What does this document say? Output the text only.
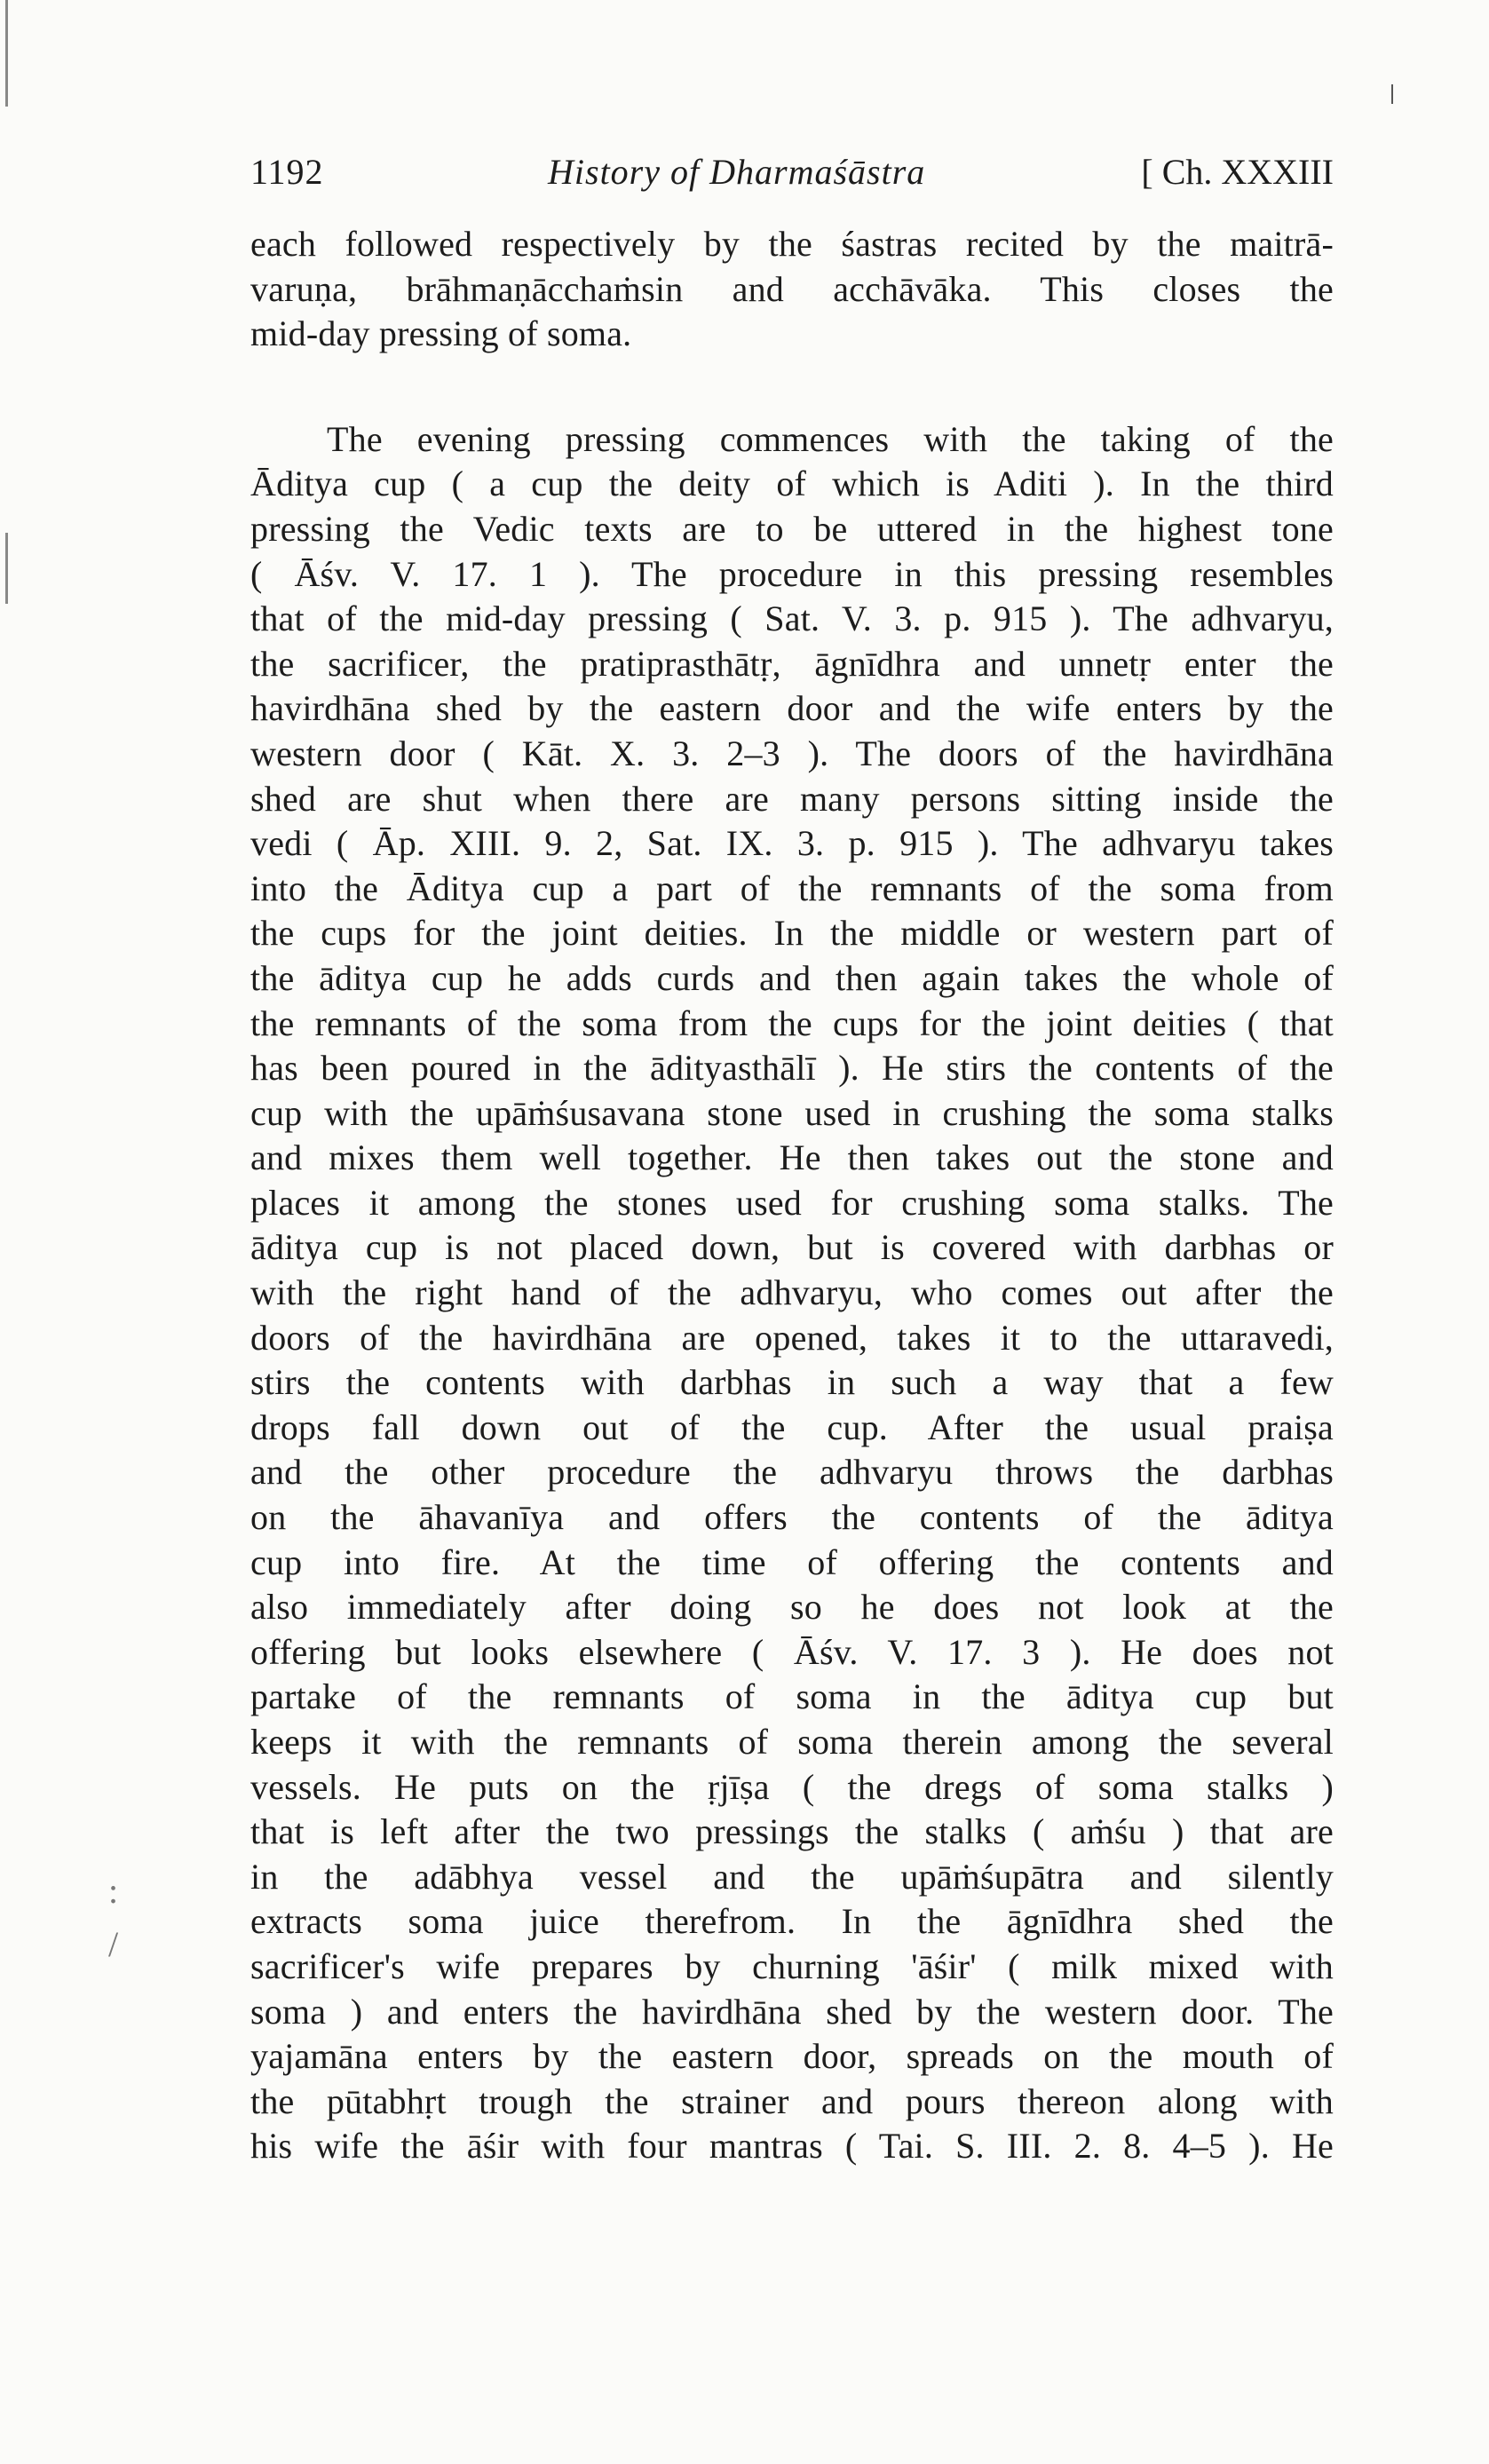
:
/
1192	History of Dharmaśāstra	[ Ch. XXXIII
each followed respectively by the śastras recited by the maitrā-
varuṇa, brāhmaṇācchaṁsin and acchāvāka. This closes the
mid-day pressing of soma.
The evening pressing commences with the taking of the
Āditya cup ( a cup the deity of which is Aditi ). In the third
pressing the Vedic texts are to be uttered in the highest tone
( Āśv. V. 17. 1 ). The procedure in this pressing resembles
that of the mid-day pressing ( Sat. V. 3. p. 915 ). The adhvaryu,
the sacrificer, the pratiprasthātṛ, āgnīdhra and unnetṛ enter the
havirdhāna shed by the eastern door and the wife enters by the
western door ( Kāt. X. 3. 2–3 ). The doors of the havirdhāna
shed are shut when there are many persons sitting inside the
vedi ( Āp. XIII. 9. 2, Sat. IX. 3. p. 915 ). The adhvaryu takes
into the Āditya cup a part of the remnants of the soma from
the cups for the joint deities. In the middle or western part of
the āditya cup he adds curds and then again takes the whole of
the remnants of the soma from the cups for the joint deities ( that
has been poured in the ādityasthālī ). He stirs the contents of the
cup with the upāṁśusavana stone used in crushing the soma stalks
and mixes them well together. He then takes out the stone and
places it among the stones used for crushing soma stalks. The
āditya cup is not placed down, but is covered with darbhas or
with the right hand of the adhvaryu, who comes out after the
doors of the havirdhāna are opened, takes it to the uttaravedi,
stirs the contents with darbhas in such a way that a few
drops fall down out of the cup. After the usual praiṣa
and the other procedure the adhvaryu throws the darbhas
on the āhavanīya and offers the contents of the āditya
cup into fire. At the time of offering the contents and
also immediately after doing so he does not look at the
offering but looks elsewhere ( Āśv. V. 17. 3 ). He does not
partake of the remnants of soma in the āditya cup but
keeps it with the remnants of soma therein among the several
vessels. He puts on the ṛjīṣa ( the dregs of soma stalks )
that is left after the two pressings the stalks ( aṁśu ) that are
in the adābhya vessel and the upāṁśupātra and silently
extracts soma juice therefrom. In the āgnīdhra shed the
sacrificer's wife prepares by churning 'āśir' ( milk mixed with
soma ) and enters the havirdhāna shed by the western door. The
yajamāna enters by the eastern door, spreads on the mouth of
the pūtabhṛt trough the strainer and pours thereon along with
his wife the āśir with four mantras ( Tai. S. III. 2. 8. 4–5 ). He
